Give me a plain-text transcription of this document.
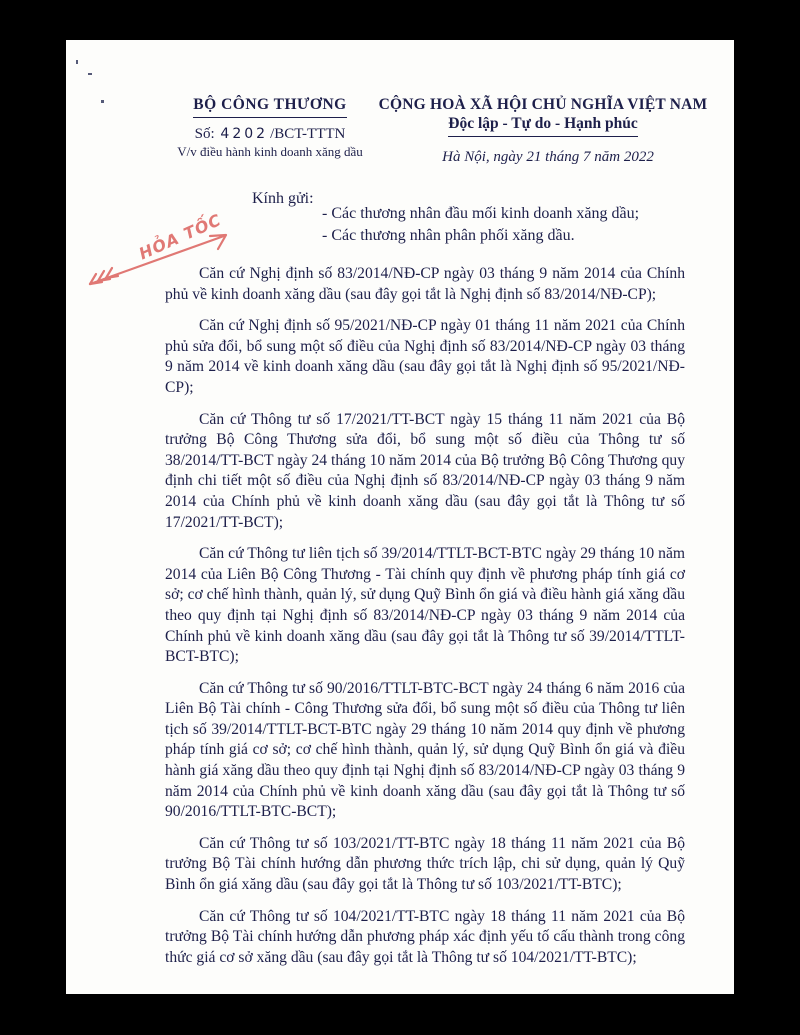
BỘ CÔNG THƯƠNG
Số: 4202 /BCT-TTTN
V/v điều hành kinh doanh xăng dầu
CỘNG HOÀ XÃ HỘI CHỦ NGHĨA VIỆT NAM
Độc lập - Tự do - Hạnh phúc
Hà Nội, ngày 21 tháng 7 năm 2022
Kính gửi:
- Các thương nhân đầu mối kinh doanh xăng dầu;
- Các thương nhân phân phối xăng dầu.
HỎA TỐC

Căn cứ Nghị định số 83/2014/NĐ-CP ngày 03 tháng 9 năm 2014 của Chính phủ về kinh doanh xăng dầu (sau đây gọi tắt là Nghị định số 83/2014/NĐ-CP);

Căn cứ Nghị định số 95/2021/NĐ-CP ngày 01 tháng 11 năm 2021 của Chính phủ sửa đổi, bổ sung một số điều của Nghị định số 83/2014/NĐ-CP ngày 03 tháng 9 năm 2014 về kinh doanh xăng dầu (sau đây gọi tắt là Nghị định số 95/2021/NĐ-CP);

Căn cứ Thông tư số 17/2021/TT-BCT ngày 15 tháng 11 năm 2021 của Bộ trưởng Bộ Công Thương sửa đổi, bổ sung một số điều của Thông tư số 38/2014/TT-BCT ngày 24 tháng 10 năm 2014 của Bộ trưởng Bộ Công Thương quy định chi tiết một số điều của Nghị định số 83/2014/NĐ-CP ngày 03 tháng 9 năm 2014 của Chính phủ về kinh doanh xăng dầu (sau đây gọi tắt là Thông tư số 17/2021/TT-BCT);

Căn cứ Thông tư liên tịch số 39/2014/TTLT-BCT-BTC ngày 29 tháng 10 năm 2014 của Liên Bộ Công Thương - Tài chính quy định về phương pháp tính giá cơ sở; cơ chế hình thành, quản lý, sử dụng Quỹ Bình ổn giá và điều hành giá xăng dầu theo quy định tại Nghị định số 83/2014/NĐ-CP ngày 03 tháng 9 năm 2014 của Chính phủ về kinh doanh xăng dầu (sau đây gọi tắt là Thông tư số 39/2014/TTLT-BCT-BTC);

Căn cứ Thông tư số 90/2016/TTLT-BTC-BCT ngày 24 tháng 6 năm 2016 của Liên Bộ Tài chính - Công Thương sửa đổi, bổ sung một số điều của Thông tư liên tịch số 39/2014/TTLT-BCT-BTC ngày 29 tháng 10 năm 2014 quy định về phương pháp tính giá cơ sở; cơ chế hình thành, quản lý, sử dụng Quỹ Bình ổn giá và điều hành giá xăng dầu theo quy định tại Nghị định số 83/2014/NĐ-CP ngày 03 tháng 9 năm 2014 của Chính phủ về kinh doanh xăng dầu (sau đây gọi tắt là Thông tư số 90/2016/TTLT-BTC-BCT);

Căn cứ Thông tư số 103/2021/TT-BTC ngày 18 tháng 11 năm 2021 của Bộ trưởng Bộ Tài chính hướng dẫn phương thức trích lập, chi sử dụng, quản lý Quỹ Bình ổn giá xăng dầu (sau đây gọi tắt là Thông tư số 103/2021/TT-BTC);

Căn cứ Thông tư số 104/2021/TT-BTC ngày 18 tháng 11 năm 2021 của Bộ trưởng Bộ Tài chính hướng dẫn phương pháp xác định yếu tố cấu thành trong công thức giá cơ sở xăng dầu (sau đây gọi tắt là Thông tư số 104/2021/TT-BTC);
